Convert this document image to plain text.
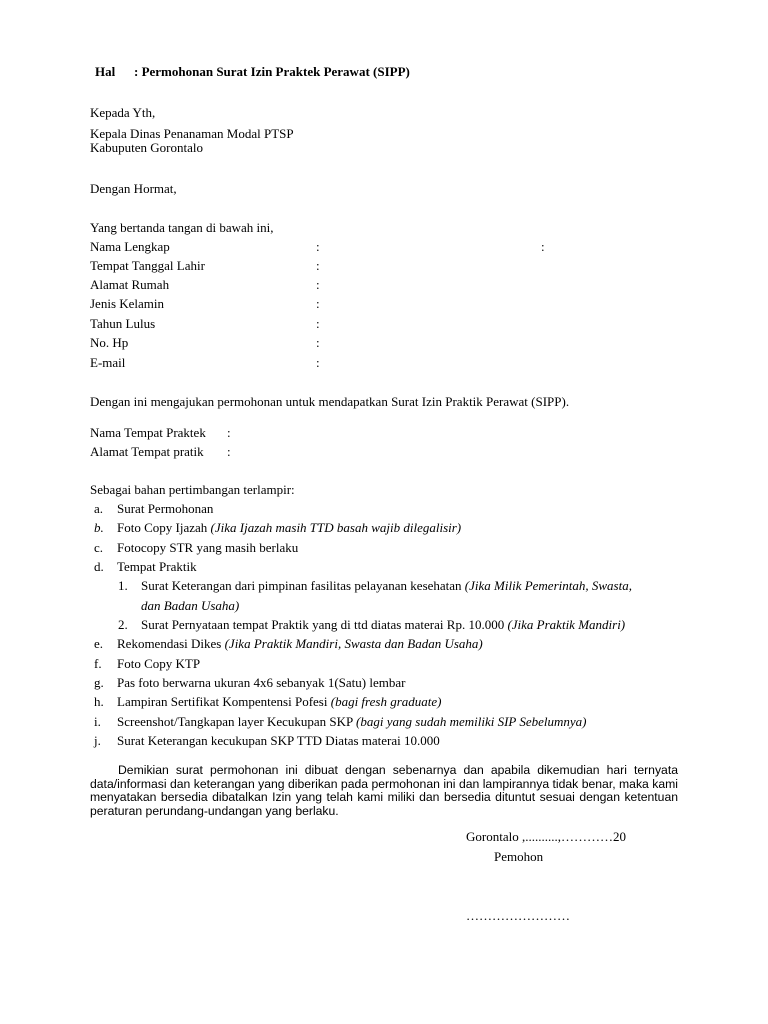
Hal : Permohonan Surat Izin Praktek Perawat (SIPP)
Kepada Yth,
Kepala Dinas Penanaman Modal PTSP
Kabuputen Gorontalo
Dengan Hormat,
Yang bertanda tangan di bawah ini,
Nama Lengkap	:	:
Tempat Tanggal Lahir	:
Alamat Rumah	:
Jenis Kelamin	:
Tahun Lulus	:
No. Hp	:
E-mail	:
Dengan ini mengajukan permohonan untuk mendapatkan Surat Izin Praktik Perawat (SIPP).
Nama Tempat Praktek :
Alamat Tempat pratik :
Sebagai bahan pertimbangan terlampir:
a. Surat Permohonan
b. Foto Copy Ijazah (Jika Ijazah masih TTD basah wajib dilegalisir)
c. Fotocopy STR yang masih berlaku
d. Tempat Praktik
1. Surat Keterangan dari pimpinan fasilitas pelayanan kesehatan (Jika Milik Pemerintah, Swasta,
dan Badan Usaha)
2. Surat Pernyataan tempat Praktik yang di ttd diatas materai Rp. 10.000 (Jika Praktik Mandiri)
e. Rekomendasi Dikes (Jika Praktik Mandiri, Swasta dan Badan Usaha)
f. Foto Copy KTP
g. Pas foto berwarna ukuran 4x6 sebanyak 1(Satu) lembar
h. Lampiran Sertifikat Kompentensi Pofesi (bagi fresh graduate)
i. Screenshot/Tangkapan layer Kecukupan SKP (bagi yang sudah memiliki SIP Sebelumnya)
j. Surat Keterangan kecukupan SKP TTD Diatas materai 10.000

Demikian surat permohonan ini dibuat dengan sebenarnya dan apabila dikemudian hari ternyata data/informasi dan keterangan yang diberikan pada permohonan ini dan lampirannya tidak benar, maka kami menyatakan bersedia dibatalkan Izin yang telah kami miliki dan bersedia dituntut sesuai dengan ketentuan peraturan perundang-undangan yang berlaku.

Gorontalo ,..........,…………20
Pemohon
……………………
